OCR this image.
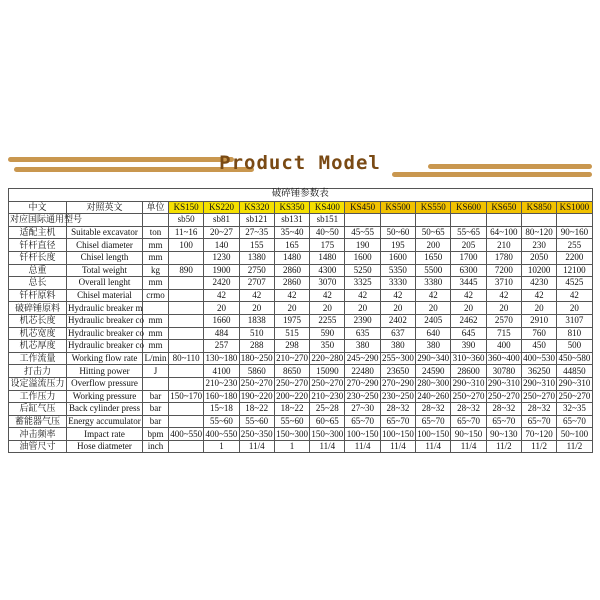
Product Model
破碎锤参数表														
中文	对照英文	单位	KS150	KS220	KS320	KS350	KS400	KS450	KS500	KS550	KS600	KS650	KS850	KS1000
对应国际通用型号			sb50	sb81	sb121	sb131	sb151							
适配主机	Suitable excavator	ton	11~16	20~27	27~35	35~40	40~50	45~55	50~60	50~65	55~65	64~100	80~120	90~160
钎杆直径	Chisel diameter	mm	100	140	155	165	175	190	195	200	205	210	230	255
钎杆长度	Chisel length	mm		1230	1380	1480	1480	1600	1600	1650	1700	1780	2050	2200
总重	Total weight	kg	890	1900	2750	2860	4300	5250	5350	5500	6300	7200	10200	12100
总长	Overall lenght	mm		2420	2707	2860	3070	3325	3330	3380	3445	3710	4230	4525
钎杆原料	Chisel material	crmo		42	42	42	42	42	42	42	42	42	42	42
破碎锤原料	Hydraulic breaker m			20	20	20	20	20	20	20	20	20	20	20
机芯长度	Hydraulic breaker co	mm		1660	1838	1975	2255	2390	2402	2405	2462	2570	2910	3107
机芯宽度	Hydraulic breaker co	mm		484	510	515	590	635	637	640	645	715	760	810
机芯厚度	Hydraulic breaker co	mm		257	288	298	350	380	380	380	390	400	450	500
工作流量	Working flow rate	L/min	80~110	130~180	180~250	210~270	220~280	245~290	255~300	290~340	310~360	360~400	400~530	450~580
打击力	Hitting power	J		4100	5860	8650	15090	22480	23650	24590	28600	30780	36250	44850
设定溢流压力	Overflow pressure			210~230	250~270	250~270	250~270	270~290	270~290	280~300	290~310	290~310	290~310	290~310
工作压力	Working pressure	bar	150~170	160~180	190~220	200~220	210~230	230~250	230~250	240~260	250~270	250~270	250~270	250~270
后缸气压	Back cylinder press	bar		15~18	18~22	18~22	25~28	27~30	28~32	28~32	28~32	28~32	28~32	32~35
蓄能器气压	Energy accumulator	bar		55~60	55~60	55~60	60~65	65~70	65~70	65~70	65~70	65~70	65~70	65~70
冲击频率	Impact rate	bpm	400~550	400~550	250~350	150~300	150~300	100~150	100~150	100~150	90~150	90~130	70~120	50~100
油管尺寸	Hose diatmeter	inch		1	11/4	1	11/4	11/4	11/4	11/4	11/4	11/2	11/2	11/2
